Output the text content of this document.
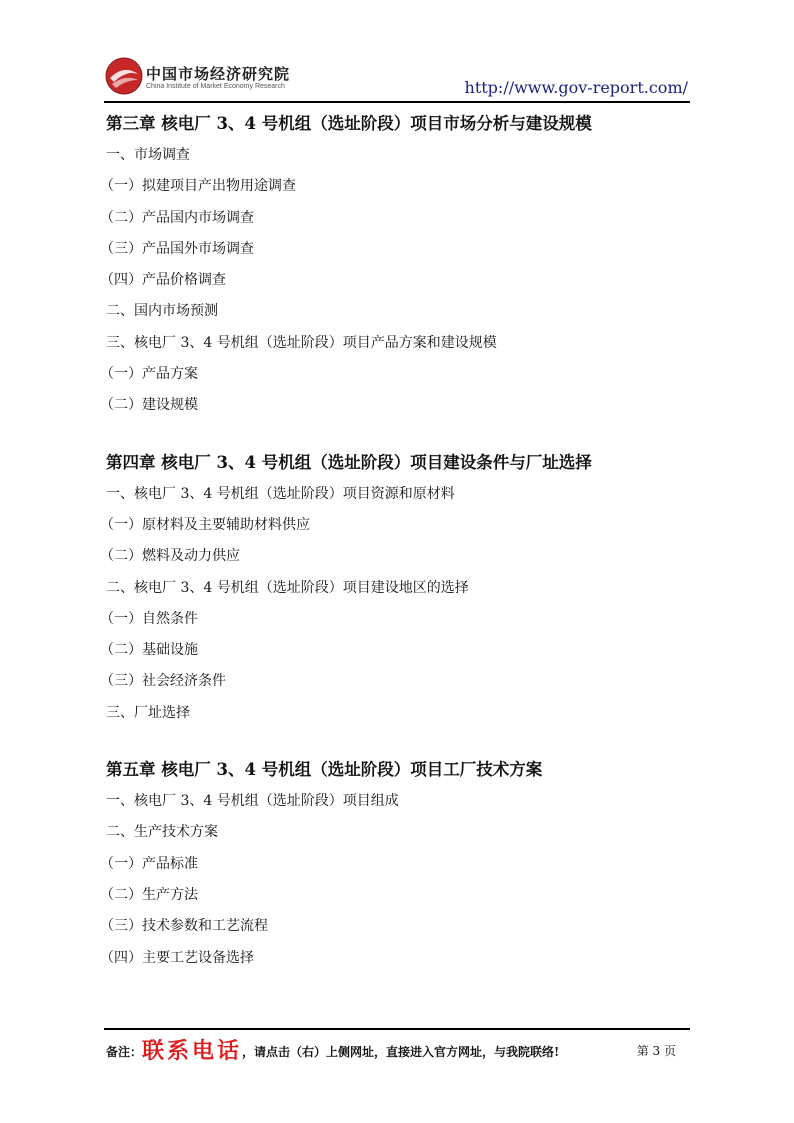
中国市场经济研究院
China Institute of Market Economy Research	http://www.gov-report.com/
第三章 核电厂 3、4 号机组（选址阶段）项目市场分析与建设规模
一、市场调查
（一）拟建项目产出物用途调查
（二）产品国内市场调查
（三）产品国外市场调查
（四）产品价格调查
二、国内市场预测
三、核电厂 3、4 号机组（选址阶段）项目产品方案和建设规模
（一）产品方案
（二）建设规模
第四章 核电厂 3、4 号机组（选址阶段）项目建设条件与厂址选择
一、核电厂 3、4 号机组（选址阶段）项目资源和原材料
（一）原材料及主要辅助材料供应
（二）燃料及动力供应
二、核电厂 3、4 号机组（选址阶段）项目建设地区的选择
（一）自然条件
（二）基础设施
（三）社会经济条件
三、厂址选择
第五章 核电厂 3、4 号机组（选址阶段）项目工厂技术方案
一、核电厂 3、4 号机组（选址阶段）项目组成
二、生产技术方案
（一）产品标准
（二）生产方法
（三）技术参数和工艺流程
（四）主要工艺设备选择
备注：联系电话，请点击（右）上侧网址，直接进入官方网址，与我院联络!	第 3 页
